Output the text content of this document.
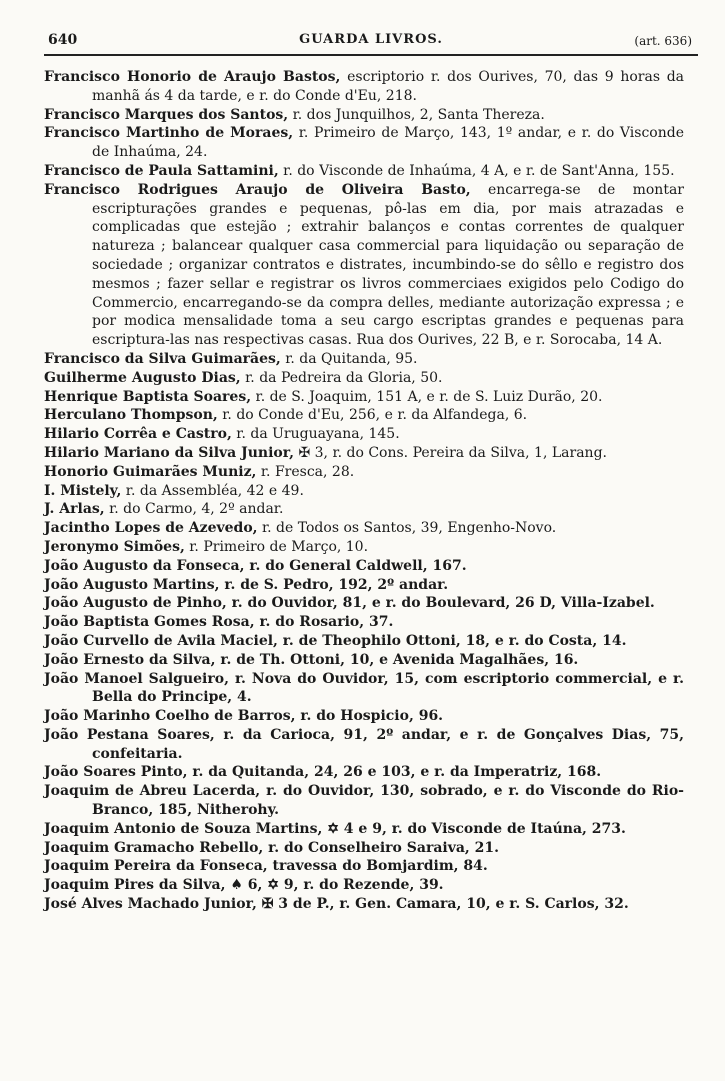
640	GUARDA LIVROS.	(art. 636)

Francisco Honorio de Araujo Bastos, escriptorio r. dos Ourives, 70, das 9 horas da manhã ás 4 da tarde, e r. do Conde d'Eu, 218.

Francisco Marques dos Santos, r. dos Junquilhos, 2, Santa Thereza.

Francisco Martinho de Moraes, r. Primeiro de Março, 143, 1º andar, e r. do Visconde de Inhaúma, 24.

Francisco de Paula Sattamini, r. do Visconde de Inhaúma, 4 A, e r. de Sant'Anna, 155.

Francisco Rodrigues Araujo de Oliveira Basto, encarrega-se de montar escripturações grandes e pequenas, pô-las em dia, por mais atrazadas e complicadas que estejão ; extrahir balanços e contas correntes de qualquer natureza ; balancear qualquer casa commercial para liquidação ou separação de sociedade ; organizar contratos e distrates, incumbindo-se do sêllo e registro dos mesmos ; fazer sellar e registrar os livros commerciaes exigidos pelo Codigo do Commercio, encarregando-se da compra delles, mediante autorização expressa ; e por modica mensalidade toma a seu cargo escriptas grandes e pequenas para escriptura-las nas respectivas casas. Rua dos Ourives, 22 B, e r. Sorocaba, 14 A.

Francisco da Silva Guimarães, r. da Quitanda, 95.

Guilherme Augusto Dias, r. da Pedreira da Gloria, 50.

Henrique Baptista Soares, r. de S. Joaquim, 151 A, e r. de S. Luiz Durão, 20.

Herculano Thompson, r. do Conde d'Eu, 256, e r. da Alfandega, 6.

Hilario Corrêa e Castro, r. da Uruguayana, 145.

Hilario Mariano da Silva Junior, ✠ 3, r. do Cons. Pereira da Silva, 1, Larang.

Honorio Guimarães Muniz, r. Fresca, 28.

I. Mistely, r. da Assembléa, 42 e 49.

J. Arlas, r. do Carmo, 4, 2º andar.

Jacintho Lopes de Azevedo, r. de Todos os Santos, 39, Engenho-Novo.

Jeronymo Simões, r. Primeiro de Março, 10.

João Augusto da Fonseca, r. do General Caldwell, 167.

João Augusto Martins, r. de S. Pedro, 192, 2º andar.

João Augusto de Pinho, r. do Ouvidor, 81, e r. do Boulevard, 26 D, Villa-Izabel.

João Baptista Gomes Rosa, r. do Rosario, 37.

João Curvello de Avila Maciel, r. de Theophilo Ottoni, 18, e r. do Costa, 14.

João Ernesto da Silva, r. de Th. Ottoni, 10, e Avenida Magalhães, 16.

João Manoel Salgueiro, r. Nova do Ouvidor, 15, com escriptorio commercial, e r. Bella do Principe, 4.

João Marinho Coelho de Barros, r. do Hospicio, 96.

João Pestana Soares, r. da Carioca, 91, 2º andar, e r. de Gonçalves Dias, 75, confeitaria.

João Soares Pinto, r. da Quitanda, 24, 26 e 103, e r. da Imperatriz, 168.

Joaquim de Abreu Lacerda, r. do Ouvidor, 130, sobrado, e r. do Visconde do Rio-Branco, 185, Nitherohy.

Joaquim Antonio de Souza Martins, ✡ 4 e 9, r. do Visconde de Itaúna, 273.

Joaquim Gramacho Rebello, r. do Conselheiro Saraiva, 21.

Joaquim Pereira da Fonseca, travessa do Bomjardim, 84.

Joaquim Pires da Silva, ♠ 6, ✡ 9, r. do Rezende, 39.

José Alves Machado Junior, ✠ 3 de P., r. Gen. Camara, 10, e r. S. Carlos, 32.
